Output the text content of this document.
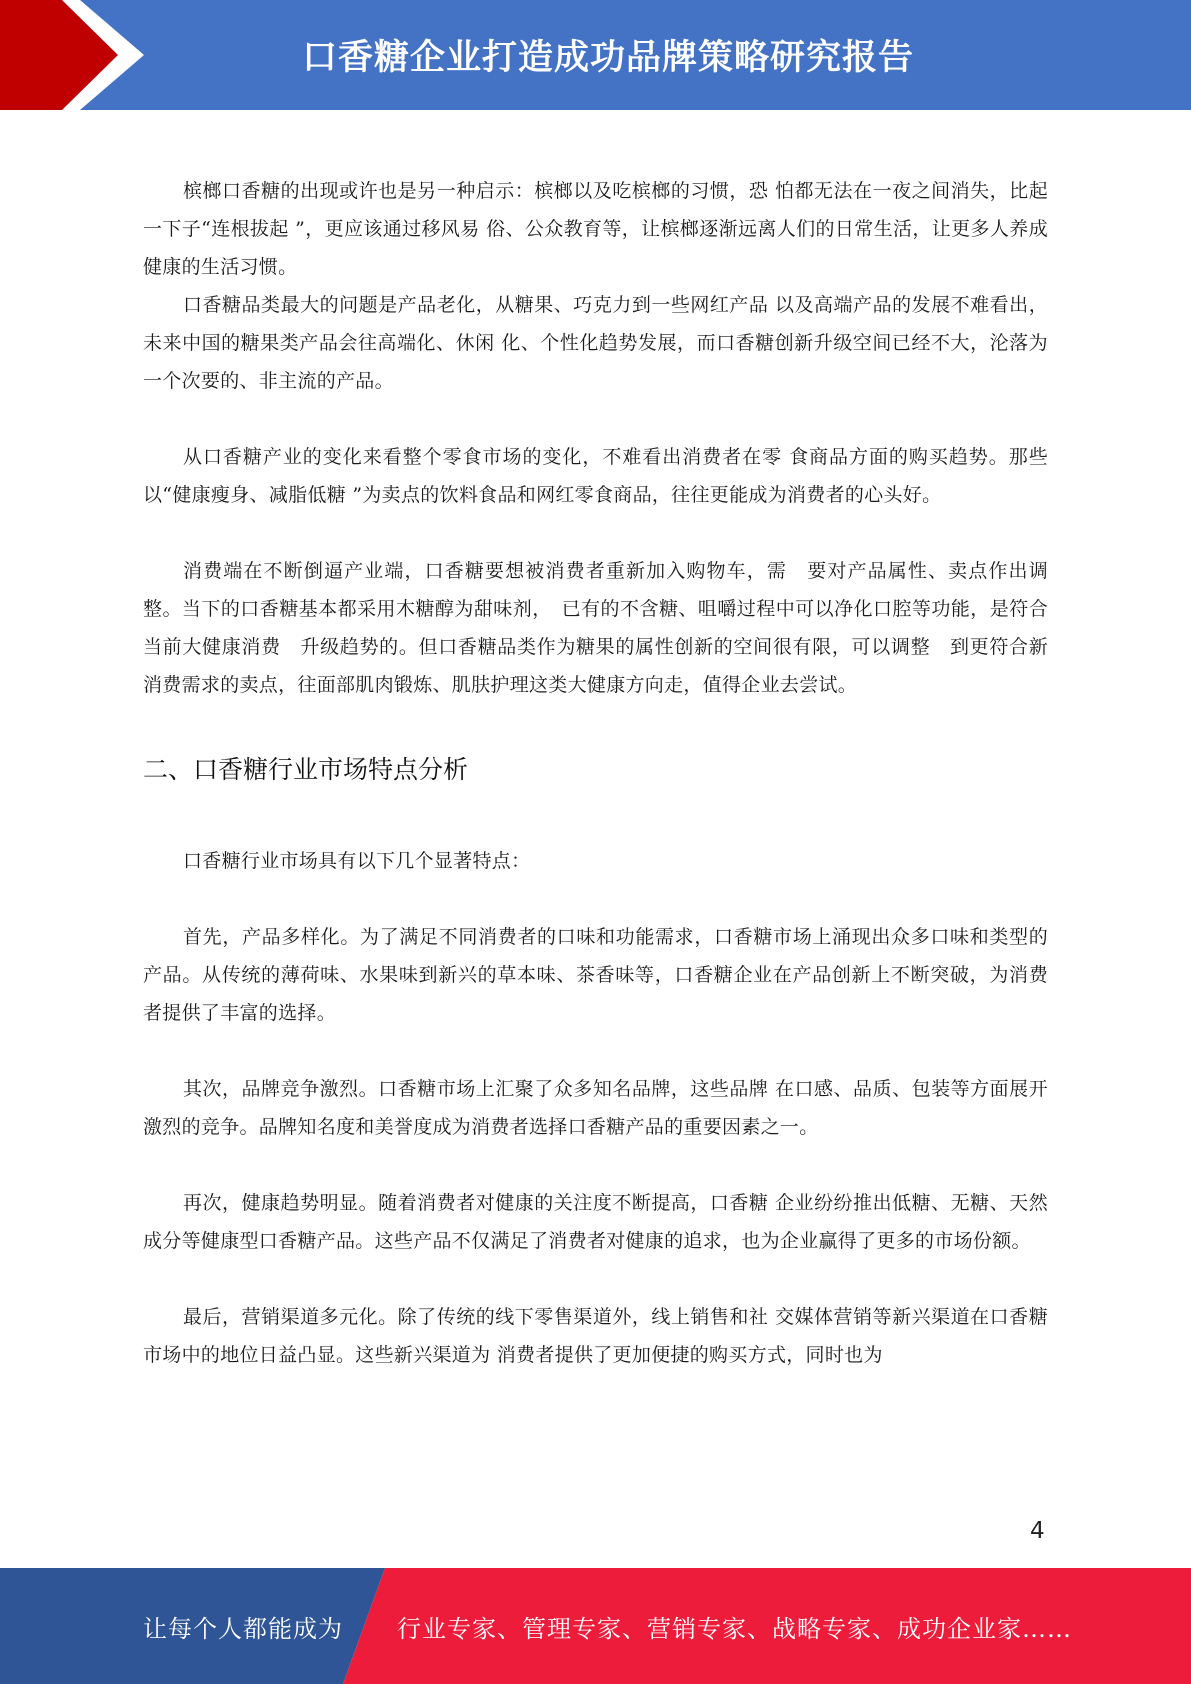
口香糖企业打造成功品牌策略研究报告

槟榔口香糖的出现或许也是另一种启示：槟榔以及吃槟榔的习惯，恐 怕都无法在一夜之间消失，比起一下子“连根拔起 ”，更应该通过移风易 俗、公众教育等，让槟榔逐渐远离人们的日常生活，让更多人养成健康的生活习惯。

口香糖品类最大的问题是产品老化，从糖果、巧克力到一些网红产品 以及高端产品的发展不难看出，未来中国的糖果类产品会往高端化、休闲 化、个性化趋势发展，而口香糖创新升级空间已经不大，沦落为一个次要的、非主流的产品。

从口香糖产业的变化来看整个零食市场的变化，不难看出消费者在零 食商品方面的购买趋势。那些以“健康瘦身、减脂低糖 ”为卖点的饮料食品和网红零食商品，往往更能成为消费者的心头好。

消费端在不断倒逼产业端，口香糖要想被消费者重新加入购物车，需　要对产品属性、卖点作出调整。当下的口香糖基本都采用木糖醇为甜味剂，　已有的不含糖、咀嚼过程中可以净化口腔等功能，是符合当前大健康消费　升级趋势的。但口香糖品类作为糖果的属性创新的空间很有限，可以调整　到更符合新消费需求的卖点，往面部肌肉锻炼、肌肤护理这类大健康方向走，值得企业去尝试。

二、口香糖行业市场特点分析

口香糖行业市场具有以下几个显著特点：

首先，产品多样化。为了满足不同消费者的口味和功能需求，口香糖市场上涌现出众多口味和类型的产品。从传统的薄荷味、水果味到新兴的草本味、茶香味等，口香糖企业在产品创新上不断突破，为消费者提供了丰富的选择。

其次，品牌竞争激烈。口香糖市场上汇聚了众多知名品牌，这些品牌 在口感、品质、包装等方面展开激烈的竞争。品牌知名度和美誉度成为消费者选择口香糖产品的重要因素之一。

再次，健康趋势明显。随着消费者对健康的关注度不断提高，口香糖 企业纷纷推出低糖、无糖、天然成分等健康型口香糖产品。这些产品不仅满足了消费者对健康的追求，也为企业赢得了更多的市场份额。

最后，营销渠道多元化。除了传统的线下零售渠道外，线上销售和社 交媒体营销等新兴渠道在口香糖市场中的地位日益凸显。这些新兴渠道为 消费者提供了更加便捷的购买方式，同时也为

4
让每个人都能成为 行业专家、管理专家、营销专家、战略专家、成功企业家……
